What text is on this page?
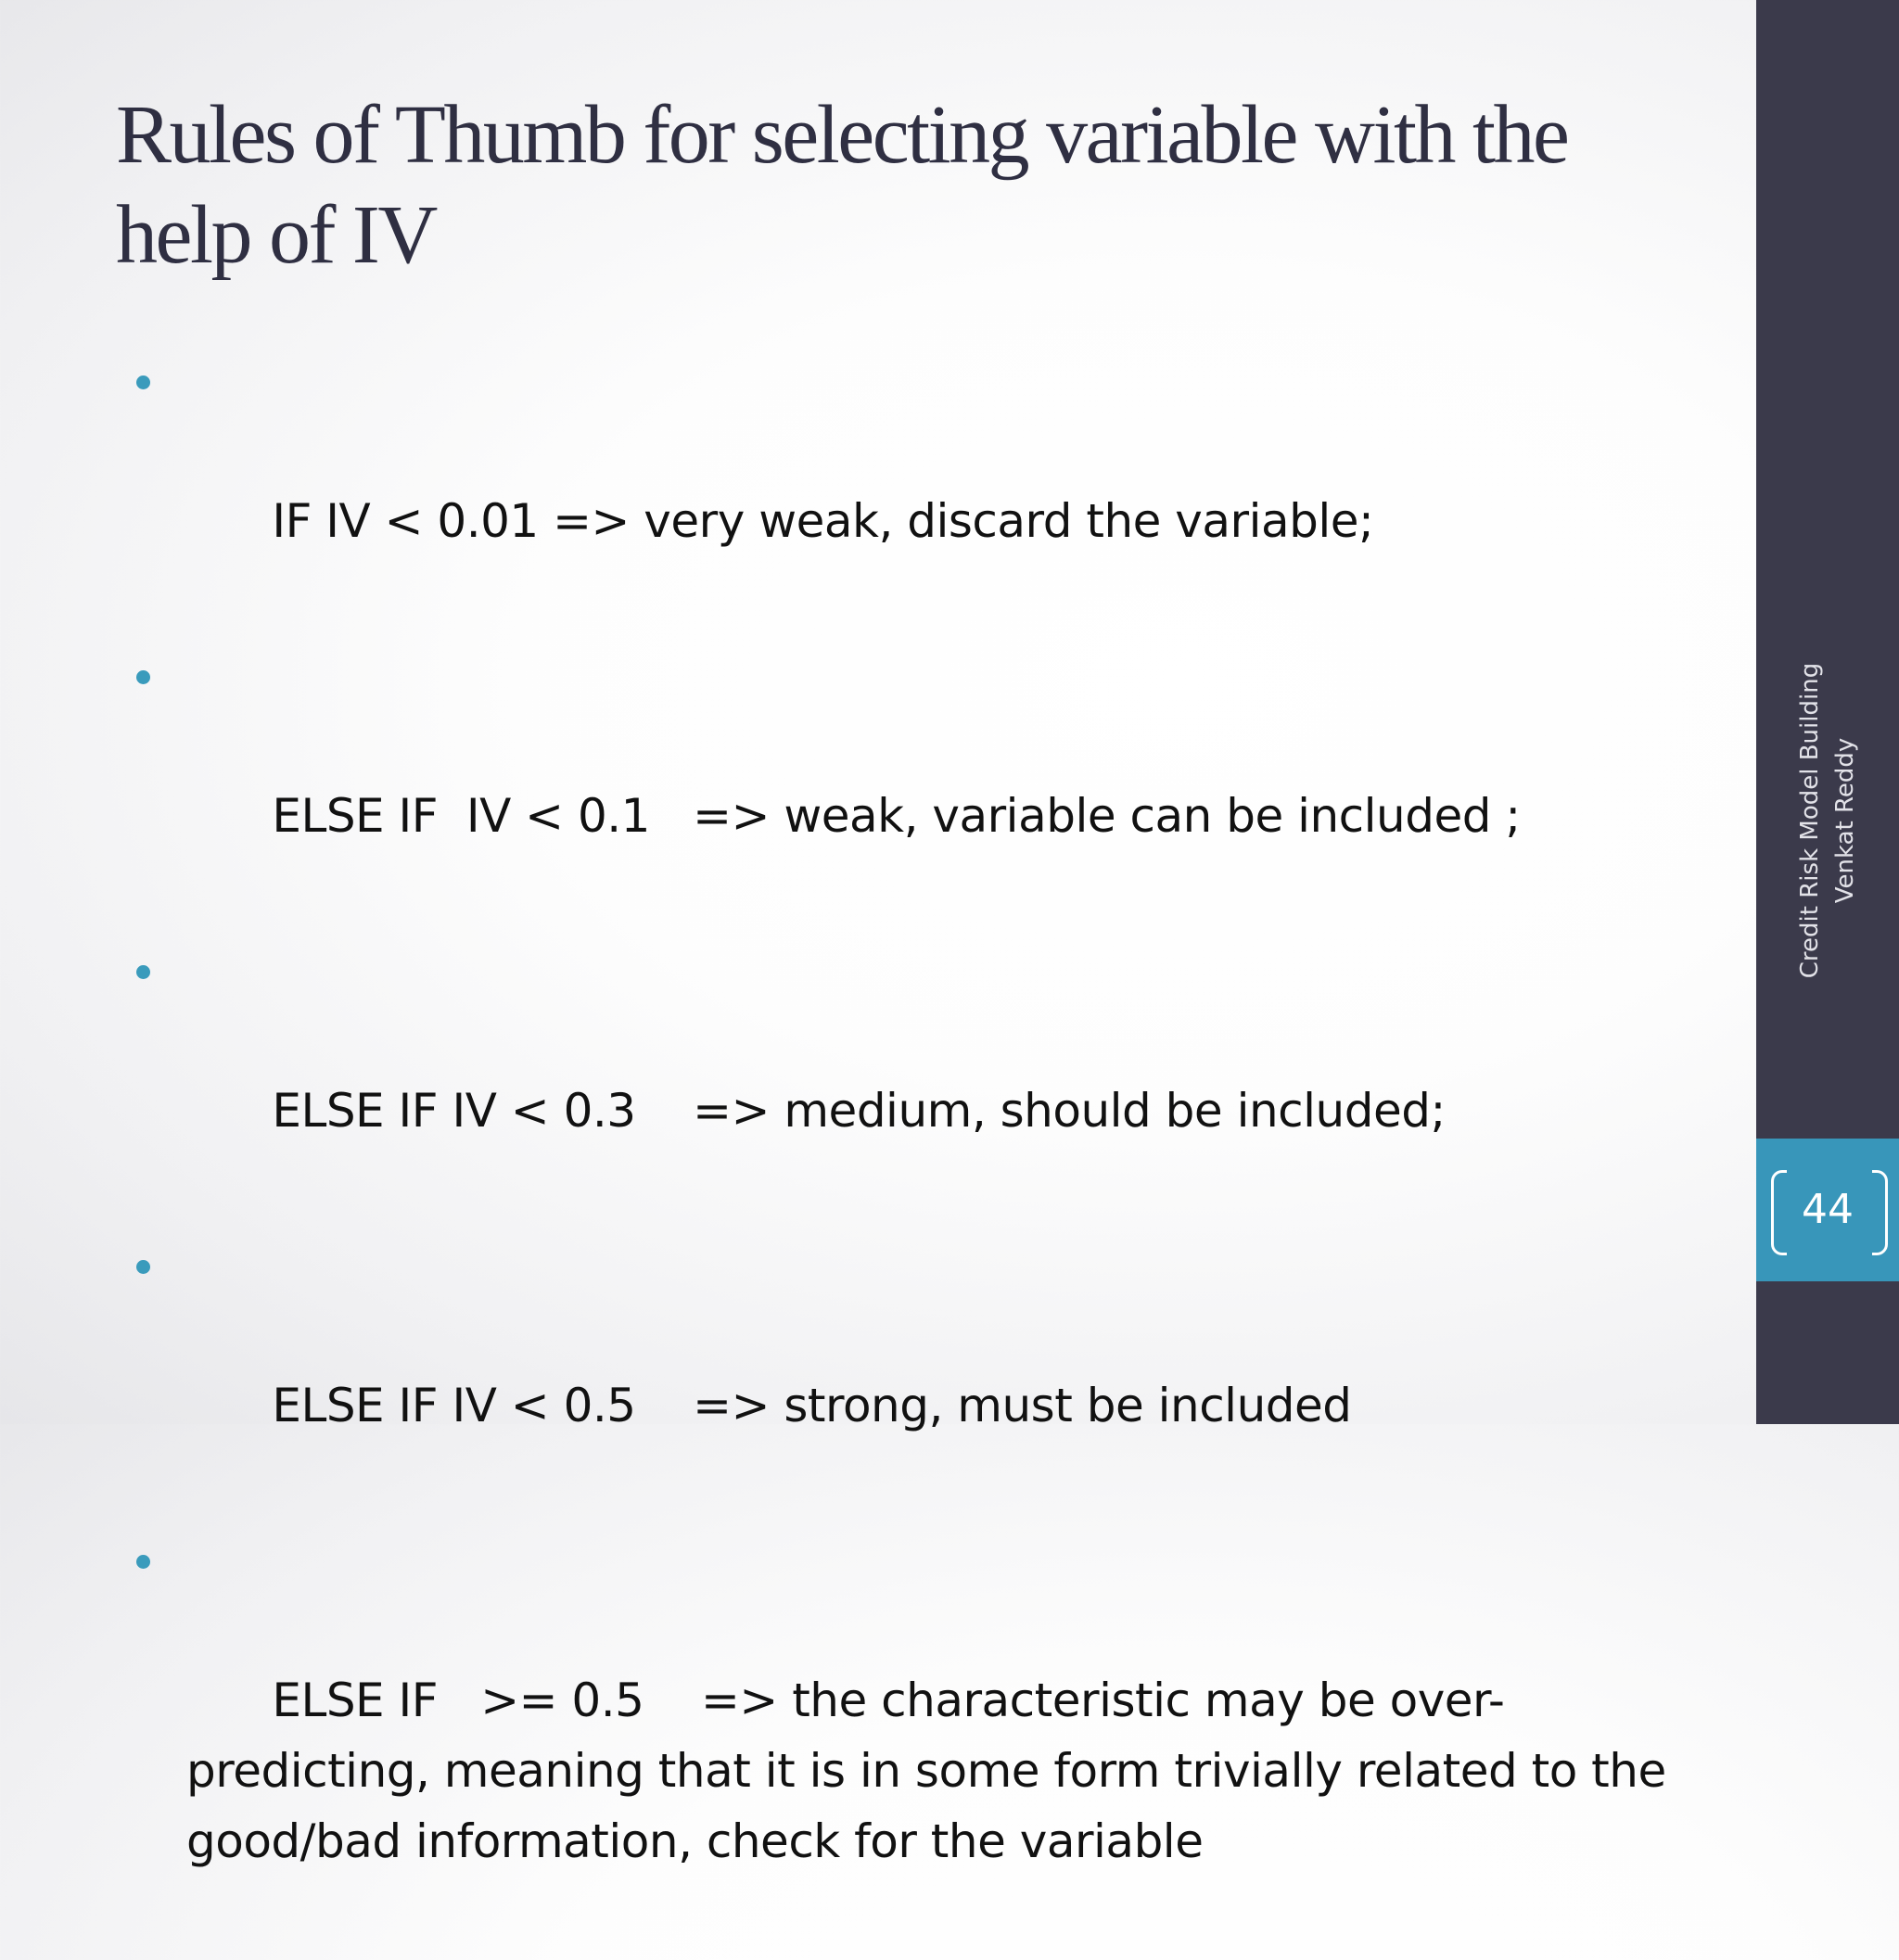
Rules of Thumb for selecting variable with the help of IV

IF IV < 0.01 => very weak, discard the variable;

ELSE IF  IV < 0.1   => weak, variable can be included ;

ELSE IF IV < 0.3    => medium, should be included;

ELSE IF IV < 0.5    => strong, must be included

ELSE IF   >= 0.5    => the characteristic may be over-predicting, meaning that it is in some form trivially related to the good/bad information, check for the variable

Credit Risk Model Building Venkat Reddy
44
